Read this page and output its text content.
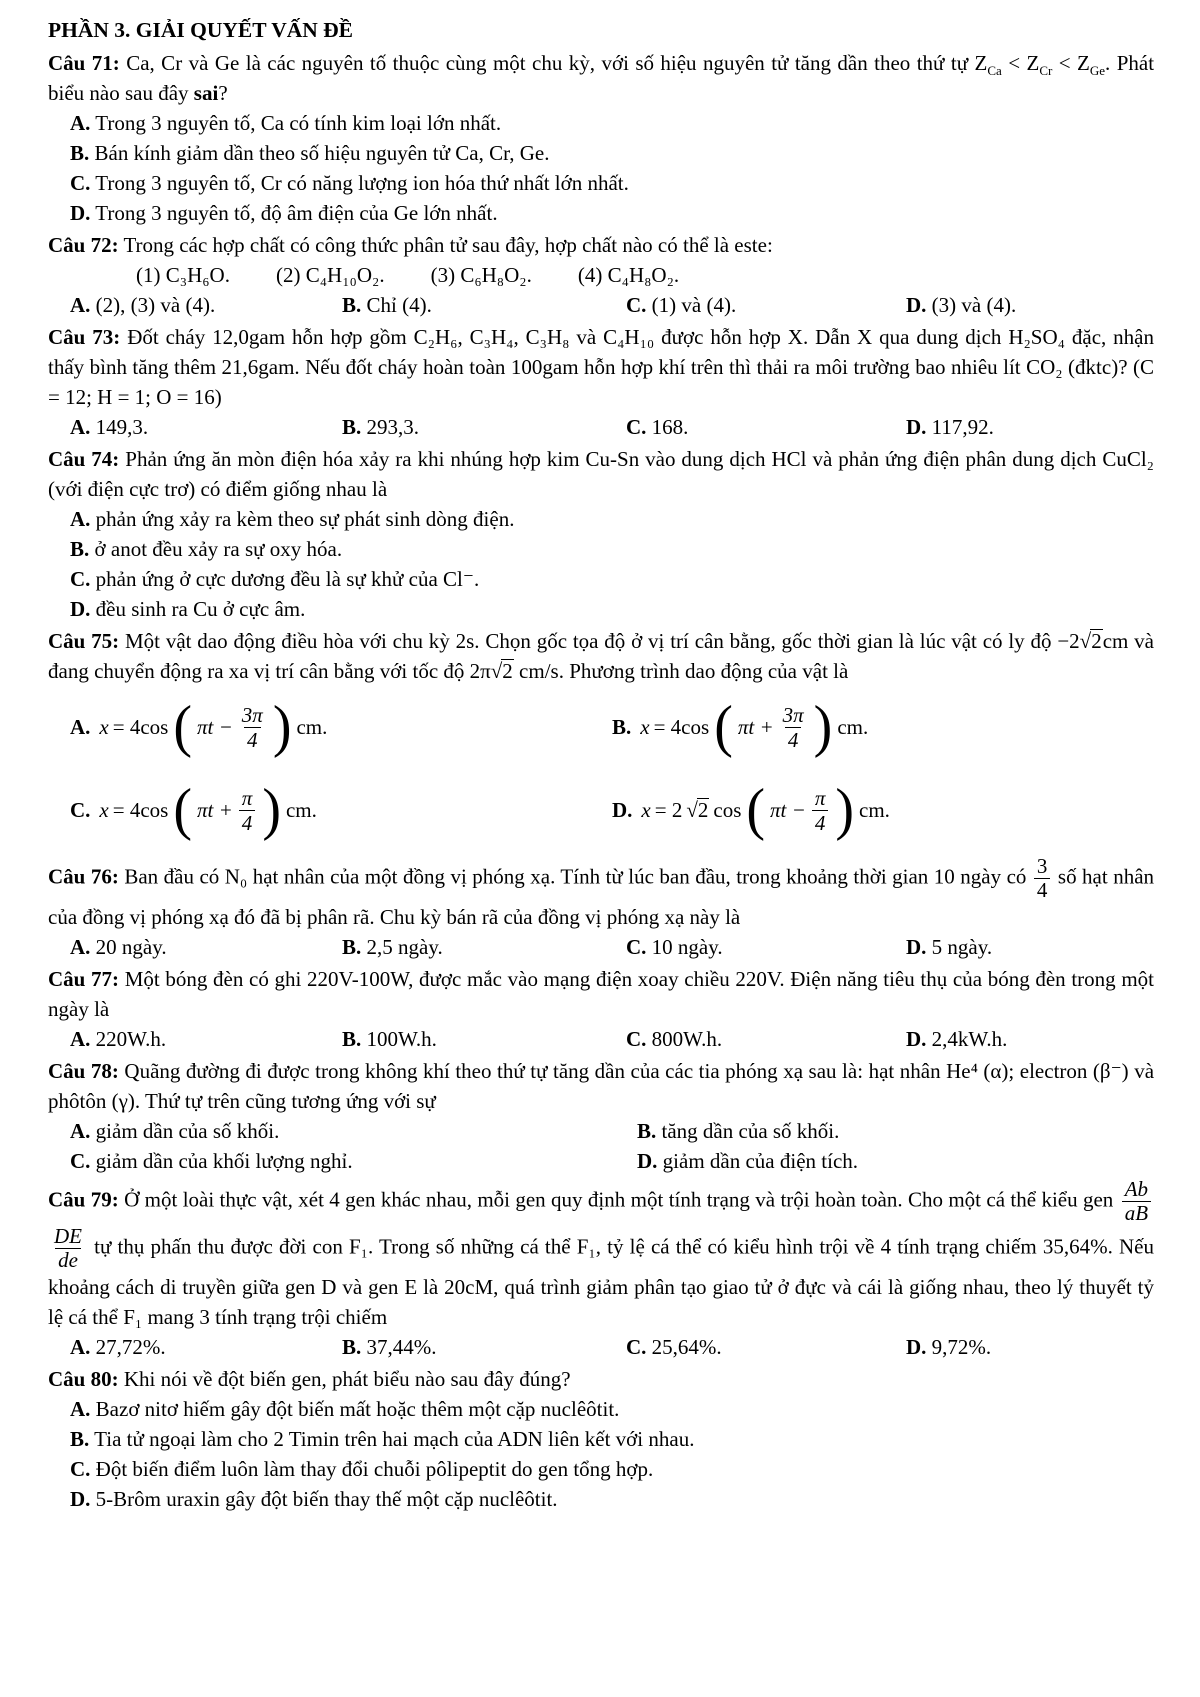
PHẦN 3. GIẢI QUYẾT VẤN ĐỀ

Câu 71: Ca, Cr và Ge là các nguyên tố thuộc cùng một chu kỳ, với số hiệu nguyên tử tăng dần theo thứ tự $Z_{Ca} < Z_{Cr} < Z_{Ge}$. Phát biểu nào sau đây sai?

A. Trong 3 nguyên tố, Ca có tính kim loại lớn nhất.
B. Bán kính giảm dần theo số hiệu nguyên tử Ca, Cr, Ge.
C. Trong 3 nguyên tố, Cr có năng lượng ion hóa thứ nhất lớn nhất.
D. Trong 3 nguyên tố, độ âm điện của Ge lớn nhất.

Câu 72: Trong các hợp chất có công thức phân tử sau đây, hợp chất nào có thể là este:

(1) C₃H₆O. (2) C₄H₁₀O₂. (3) C₆H₈O₂. (4) C₄H₈O₂.
A. (2), (3) và (4).	B. Chỉ (4).	C. (1) và (4).	D. (3) và (4).

Câu 73: Đốt cháy 12,0gam hỗn hợp gồm C₂H₆, C₃H₄, C₃H₈ và C₄H₁₀ được hỗn hợp X. Dẫn X qua dung dịch H₂SO₄ đặc, nhận thấy bình tăng thêm 21,6gam. Nếu đốt cháy hoàn toàn 100gam hỗn hợp khí trên thì thải ra môi trường bao nhiêu lít CO₂ (đktc)? (C = 12; H = 1; O = 16)

A. 149,3.	B. 293,3.	C. 168.	D. 117,92.

Câu 74: Phản ứng ăn mòn điện hóa xảy ra khi nhúng hợp kim Cu-Sn vào dung dịch HCl và phản ứng điện phân dung dịch CuCl₂ (với điện cực trơ) có điểm giống nhau là

A. phản ứng xảy ra kèm theo sự phát sinh dòng điện.
B. ở anot đều xảy ra sự oxy hóa.
C. phản ứng ở cực dương đều là sự khử của Cl⁻.
D. đều sinh ra Cu ở cực âm.

Câu 75: Một vật dao động điều hòa với chu kỳ 2s. Chọn gốc tọa độ ở vị trí cân bằng, gốc thời gian là lúc vật có ly độ −2√2cm và đang chuyển động ra xa vị trí cân bằng với tốc độ 2π√2 cm/s. Phương trình dao động của vật là

A. x = 4cos ( $\pi t - \frac{3\pi}{4}$ ) cm.	B. x = 4cos ( $\pi t + \frac{3\pi}{4}$ ) cm.
C. x = 4cos ( $\pi t + \frac{\pi}{4}$ ) cm.	D. x = 2 √2 cos ( $\pi t - \frac{\pi}{4}$ ) cm.

Câu 76: Ban đầu có N₀ hạt nhân của một đồng vị phóng xạ. Tính từ lúc ban đầu, trong khoảng thời gian 10 ngày có $\frac{3}{4}$ số hạt nhân của đồng vị phóng xạ đó đã bị phân rã. Chu kỳ bán rã của đồng vị phóng xạ này là

A. 20 ngày.	B. 2,5 ngày.	C. 10 ngày.	D. 5 ngày.

Câu 77: Một bóng đèn có ghi 220V-100W, được mắc vào mạng điện xoay chiều 220V. Điện năng tiêu thụ của bóng đèn trong một ngày là

A. 220W.h.	B. 100W.h.	C. 800W.h.	D. 2,4kW.h.

Câu 78: Quãng đường đi được trong không khí theo thứ tự tăng dần của các tia phóng xạ sau là: hạt nhân He⁴ (α); electron (β⁻) và phôtôn (γ). Thứ tự trên cũng tương ứng với sự

A. giảm dần của số khối.	B. tăng dần của số khối.
C. giảm dần của khối lượng nghỉ.	D. giảm dần của điện tích.

Câu 79: Ở một loài thực vật, xét 4 gen khác nhau, mỗi gen quy định một tính trạng và trội hoàn toàn. Cho một cá thể kiểu gen $\frac{Ab}{aB}$
$\frac{DE}{de}$ tự thụ phấn thu được đời con F₁. Trong số những cá thể F₁, tỷ lệ cá thể có kiểu hình trội về 4 tính trạng chiếm 35,64%. Nếu khoảng cách di truyền giữa gen D và gen E là 20cM, quá trình giảm phân tạo giao tử ở đực và cái là giống nhau, theo lý thuyết tỷ lệ cá thể F₁ mang 3 tính trạng trội chiếm

A. 27,72%.	B. 37,44%.	C. 25,64%.	D. 9,72%.

Câu 80: Khi nói về đột biến gen, phát biểu nào sau đây đúng?

A. Bazơ nitơ hiếm gây đột biến mất hoặc thêm một cặp nuclêôtit.
B. Tia tử ngoại làm cho 2 Timin trên hai mạch của ADN liên kết với nhau.
C. Đột biến điểm luôn làm thay đổi chuỗi pôlipeptit do gen tổng hợp.
D. 5-Brôm uraxin gây đột biến thay thế một cặp nuclêôtit.
